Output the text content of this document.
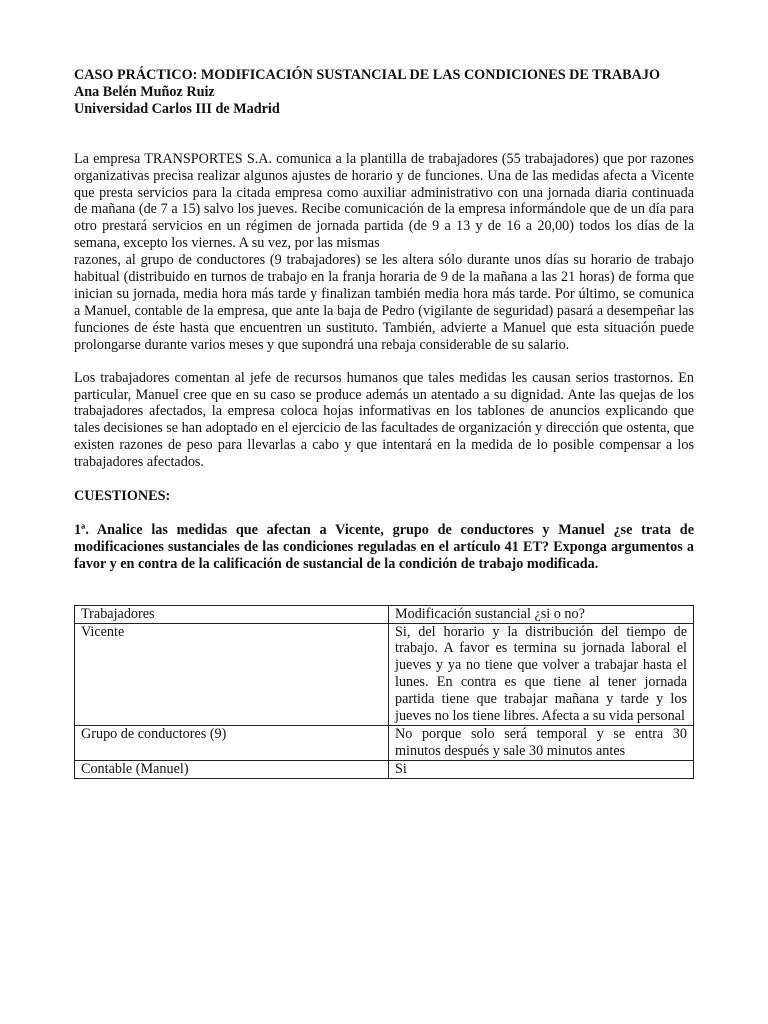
CASO PRÁCTICO: MODIFICACIÓN SUSTANCIAL DE LAS CONDICIONES DE TRABAJO
Ana Belén Muñoz Ruiz
Universidad Carlos III de Madrid

La empresa TRANSPORTES S.A. comunica a la plantilla de trabajadores (55 trabajadores) que por razones organizativas precisa realizar algunos ajustes de horario y de funciones. Una de las medidas afecta a Vicente que presta servicios para la citada empresa como auxiliar administrativo con una jornada diaria continuada de mañana (de 7 a 15) salvo los jueves. Recibe comunicación de la empresa informándole que de un día para otro prestará servicios en un régimen de jornada partida (de 9 a 13 y de 16 a 20,00) todos los días de la semana, excepto los viernes. A su vez, por las mismas

razones, al grupo de conductores (9 trabajadores) se les altera sólo durante unos días su horario de trabajo habitual (distribuido en turnos de trabajo en la franja horaria de 9 de la mañana a las 21 horas) de forma que inician su jornada, media hora más tarde y finalizan también media hora más tarde. Por último, se comunica a Manuel, contable de la empresa, que ante la baja de Pedro (vigilante de seguridad) pasará a desempeñar las funciones de éste hasta que encuentren un sustituto. También, advierte a Manuel que esta situación puede prolongarse durante varios meses y que supondrá una rebaja considerable de su salario.

Los trabajadores comentan al jefe de recursos humanos que tales medidas les causan serios trastornos. En particular, Manuel cree que en su caso se produce además un atentado a su dignidad. Ante las quejas de los trabajadores afectados, la empresa coloca hojas informativas en los tablones de anuncios explicando que tales decisiones se han adoptado en el ejercicio de las facultades de organización y dirección que ostenta, que existen razones de peso para llevarlas a cabo y que intentará en la medida de lo posible compensar a los trabajadores afectados.

CUESTIONES:
1ª. Analice las medidas que afectan a Vicente, grupo de conductores y Manuel ¿se trata de modificaciones sustanciales de las condiciones reguladas en el artículo 41 ET? Exponga argumentos a favor y en contra de la calificación de sustancial de la condición de trabajo modificada.
Trabajadores	Modificación sustancial ¿si o no?
Vicente	Si, del horario y la distribución del tiempo de trabajo. A favor es termina su jornada laboral el jueves y ya no tiene que volver a trabajar hasta el lunes. En contra es que tiene al tener jornada partida tiene que trabajar mañana y tarde y los jueves no los tiene libres. Afecta a su vida personal
Grupo de conductores (9)	No porque solo será temporal y se entra 30 minutos después y sale 30 minutos antes
Contable (Manuel)	Si
